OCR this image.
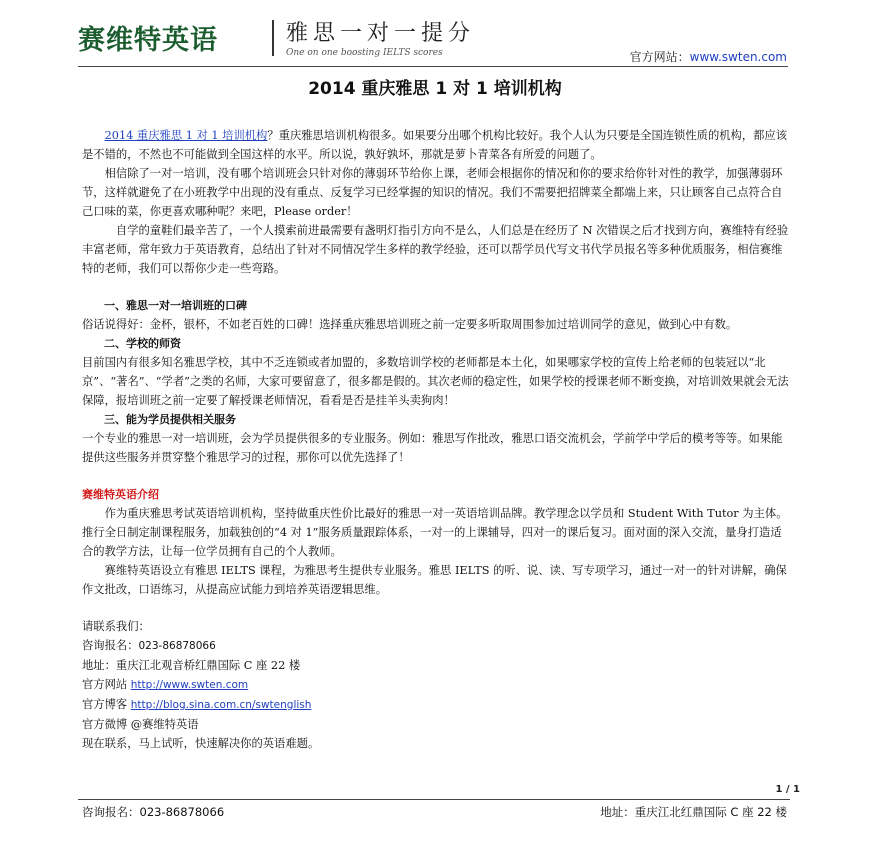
赛维特英语	雅思一对一提分
One on one boosting IELTS scores	官方网站：www.swten.com
2014 重庆雅思 1 对 1 培训机构

2014 重庆雅思 1 对 1 培训机构？重庆雅思培训机构很多。如果要分出哪个机构比较好。我个人认为只要是全国连锁性质的机构，都应该是不错的，不然也不可能做到全国这样的水平。所以说，孰好孰坏，那就是萝卜青菜各有所爱的问题了。

相信除了一对一培训，没有哪个培训班会只针对你的薄弱环节给你上课，老师会根据你的情况和你的要求给你针对性的教学，加强薄弱环节，这样就避免了在小班教学中出现的没有重点、反复学习已经掌握的知识的情况。我们不需要把招牌菜全都端上来，只让顾客自己点符合自己口味的菜，你更喜欢哪种呢？来吧，Please order！

自学的童鞋们最辛苦了，一个人摸索前进最需要有盏明灯指引方向不是么，人们总是在经历了 N 次错误之后才找到方向，赛维特有经验丰富老师，常年致力于英语教育，总结出了针对不同情况学生多样的教学经验，还可以帮学员代写文书代学员报名等多种优质服务，相信赛维特的老师，我们可以帮你少走一些弯路。

一、雅思一对一培训班的口碑

俗话说得好：金杯，银杯，不如老百姓的口碑！选择重庆雅思培训班之前一定要多听取周围参加过培训同学的意见，做到心中有数。

二、学校的师资

目前国内有很多知名雅思学校，其中不乏连锁或者加盟的，多数培训学校的老师都是本土化，如果哪家学校的宣传上给老师的包装冠以“北京”、“著名”、“学者”之类的名师，大家可要留意了，很多都是假的。其次老师的稳定性，如果学校的授课老师不断变换，对培训效果就会无法保障，报培训班之前一定要了解授课老师情况，看看是否是挂羊头卖狗肉！

三、能为学员提供相关服务

一个专业的雅思一对一培训班，会为学员提供很多的专业服务。例如：雅思写作批改，雅思口语交流机会，学前学中学后的模考等等。如果能提供这些服务并贯穿整个雅思学习的过程，那你可以优先选择了！

赛维特英语介绍

作为重庆雅思考试英语培训机构，坚持做重庆性价比最好的雅思一对一英语培训品牌。教学理念以学员和 Student With Tutor 为主体。推行全日制定制课程服务，加载独创的“4 对 1”服务质量跟踪体系，一对一的上课辅导，四对一的课后复习。面对面的深入交流，量身打造适合的教学方法，让每一位学员拥有自己的个人教师。

赛维特英语设立有雅思 IELTS 课程，为雅思考生提供专业服务。雅思 IELTS 的听、说、读、写专项学习，通过一对一的针对讲解，确保作文批改，口语练习，从提高应试能力到培养英语逻辑思维。

请联系我们：

咨询报名：023-86878066

地址：重庆江北观音桥红鼎国际 C 座 22 楼

官方网站 http://www.swten.com

官方博客 http://blog.sina.com.cn/swtenglish

官方微博 @赛维特英语

现在联系，马上试听，快速解决你的英语难题。

1 / 1
咨询报名：023-86878066	地址：重庆江北红鼎国际 C 座 22 楼
